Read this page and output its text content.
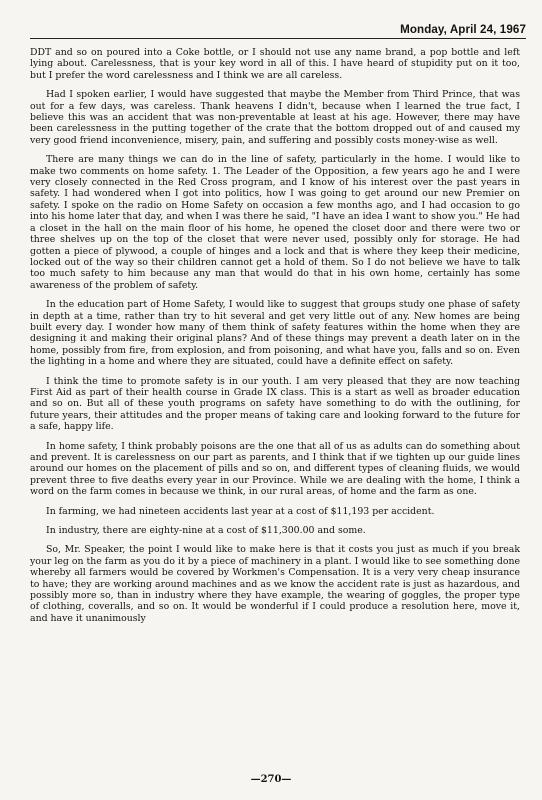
Monday, April 24, 1967

DDT and so on poured into a Coke bottle, or I should not use any name brand, a pop bottle and left lying about. Carelessness, that is your key word in all of this. I have heard of stupidity put on it too, but I prefer the word carelessness and I think we are all careless.

Had I spoken earlier, I would have suggested that maybe the Member from Third Prince, that was out for a few days, was careless. Thank heavens I didn't, because when I learned the true fact, I believe this was an accident that was non-preventable at least at his age. However, there may have been carelessness in the putting together of the crate that the bottom dropped out of and caused my very good friend inconvenience, misery, pain, and suffering and possibly costs money-wise as well.

There are many things we can do in the line of safety, particularly in the home. I would like to make two comments on home safety. 1. The Leader of the Opposition, a few years ago he and I were very closely connected in the Red Cross program, and I know of his interest over the past years in safety. I had wondered when I got into politics, how I was going to get around our new Premier on safety. I spoke on the radio on Home Safety on occasion a few months ago, and I had occasion to go into his home later that day, and when I was there he said, "I have an idea I want to show you." He had a closet in the hall on the main floor of his home, he opened the closet door and there were two or three shelves up on the top of the closet that were never used, possibly only for storage. He had gotten a piece of plywood, a couple of hinges and a lock and that is where they keep their medicine, locked out of the way so their children cannot get a hold of them. So I do not believe we have to talk too much safety to him because any man that would do that in his own home, certainly has some awareness of the problem of safety.

In the education part of Home Safety, I would like to suggest that groups study one phase of safety in depth at a time, rather than try to hit several and get very little out of any. New homes are being built every day. I wonder how many of them think of safety features within the home when they are designing it and making their original plans? And of these things may prevent a death later on in the home, possibly from fire, from explosion, and from poisoning, and what have you, falls and so on. Even the lighting in a home and where they are situated, could have a definite effect on safety.

I think the time to promote safety is in our youth. I am very pleased that they are now teaching First Aid as part of their health course in Grade IX class. This is a start as well as broader education and so on. But all of these youth programs on safety have something to do with the outlining, for future years, their attitudes and the proper means of taking care and looking forward to the future for a safe, happy life.

In home safety, I think probably poisons are the one that all of us as adults can do something about and prevent. It is carelessness on our part as parents, and I think that if we tighten up our guide lines around our homes on the placement of pills and so on, and different types of cleaning fluids, we would prevent three to five deaths every year in our Province. While we are dealing with the home, I think a word on the farm comes in because we think, in our rural areas, of home and the farm as one.

In farming, we had nineteen accidents last year at a cost of $11,193 per accident.

In industry, there are eighty-nine at a cost of $11,300.00 and some.

So, Mr. Speaker, the point I would like to make here is that it costs you just as much if you break your leg on the farm as you do it by a piece of machinery in a plant. I would like to see something done whereby all farmers would be covered by Workmen's Compensation. It is a very very cheap insurance to have; they are working around machines and as we know the accident rate is just as hazardous, and possibly more so, than in industry where they have example, the wearing of goggles, the proper type of clothing, coveralls, and so on. It would be wonderful if I could produce a resolution here, move it, and have it unanimously

—270—
